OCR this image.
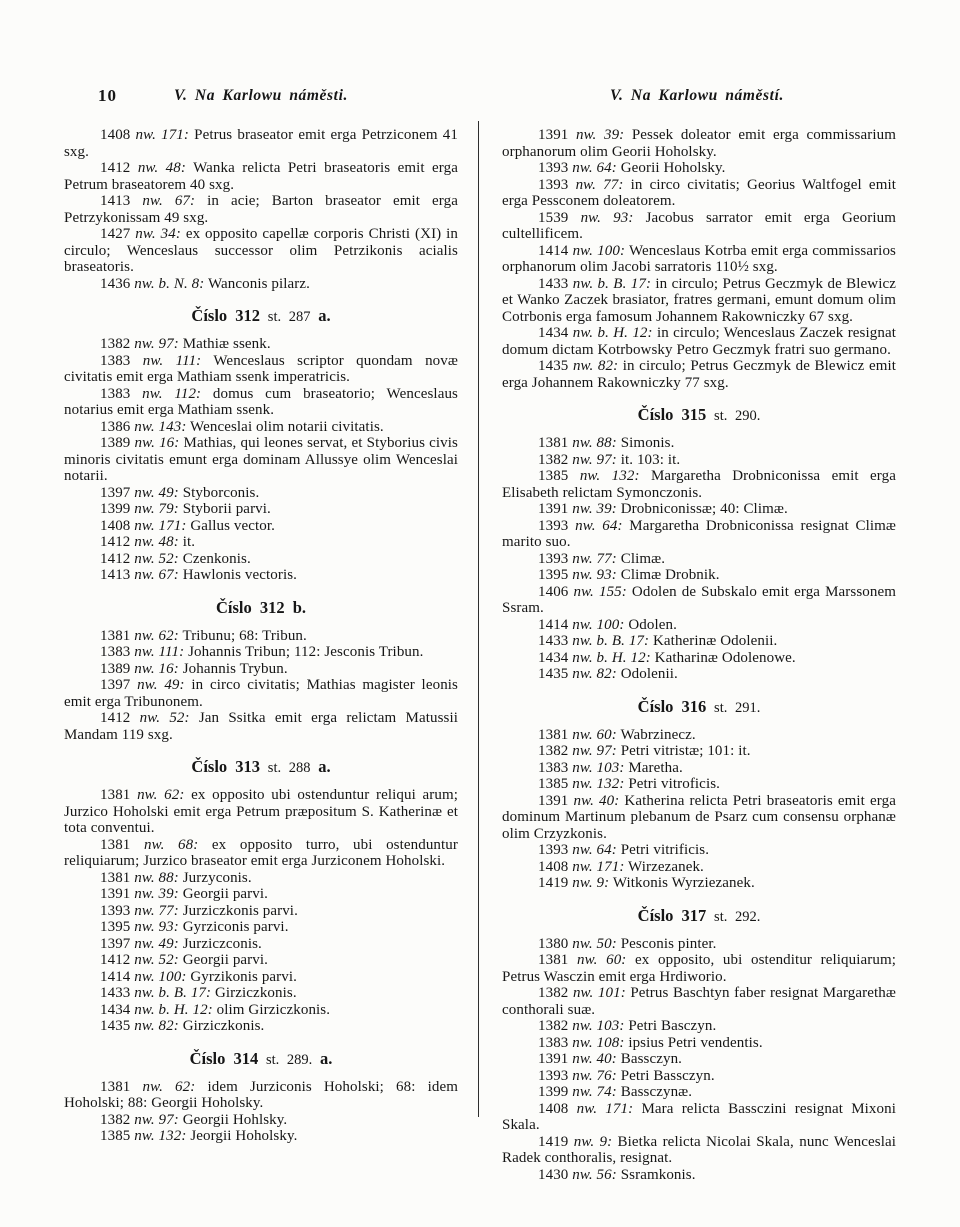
10	V. Na Karlowu náměsti.	V. Na Karlowu náměstí.

1408 nw. 171: Petrus braseator emit erga Petrziconem 41 sxg.

1412 nw. 48: Wanka relicta Petri braseatoris emit erga Petrum braseatorem 40 sxg.

1413 nw. 67: in acie; Barton braseator emit erga Petrzykonissam 49 sxg.

1427 nw. 34: ex opposito capellæ corporis Christi (XI) in circulo; Wenceslaus successor olim Petrzikonis acialis braseatoris.

1436 nw. b. N. 8: Wanconis pilarz.

Číslo 312 st. 287 a.

1382 nw. 97: Mathiæ ssenk.

1383 nw. 111: Wenceslaus scriptor quondam novæ civitatis emit erga Mathiam ssenk imperatricis.

1383 nw. 112: domus cum braseatorio; Wenceslaus notarius emit erga Mathiam ssenk.

1386 nw. 143: Wenceslai olim notarii civitatis.

1389 nw. 16: Mathias, qui leones servat, et Styborius civis minoris civitatis emunt erga dominam Allussye olim Wenceslai notarii.

1397 nw. 49: Styborconis.

1399 nw. 79: Styborii parvi.

1408 nw. 171: Gallus vector.

1412 nw. 48: it.

1412 nw. 52: Czenkonis.

1413 nw. 67: Hawlonis vectoris.

Číslo 312 b.

1381 nw. 62: Tribunu; 68: Tribun.

1383 nw. 111: Johannis Tribun; 112: Jesconis Tribun.

1389 nw. 16: Johannis Trybun.

1397 nw. 49: in circo civitatis; Mathias magister leonis emit erga Tribunonem.

1412 nw. 52: Jan Ssitka emit erga relictam Matussii Mandam 119 sxg.

Číslo 313 st. 288 a.

1381 nw. 62: ex opposito ubi ostenduntur reliqui arum; Jurzico Hoholski emit erga Petrum præpositum S. Katherinæ et tota conventui.

1381 nw. 68: ex opposito turro, ubi ostenduntur reliquiarum; Jurzico braseator emit erga Jurziconem Hoholski.

1381 nw. 88: Jurzyconis.

1391 nw. 39: Georgii parvi.

1393 nw. 77: Jurziczkonis parvi.

1395 nw. 93: Gyrziconis parvi.

1397 nw. 49: Jurziczconis.

1412 nw. 52: Georgii parvi.

1414 nw. 100: Gyrzikonis parvi.

1433 nw. b. B. 17: Girziczkonis.

1434 nw. b. H. 12: olim Girziczkonis.

1435 nw. 82: Girziczkonis.

Číslo 314 st. 289. a.

1381 nw. 62: idem Jurziconis Hoholski; 68: idem Hoholski; 88: Georgii Hoholsky.

1382 nw. 97: Georgii Hohlsky.

1385 nw. 132: Jeorgii Hoholsky.

1391 nw. 39: Pessek doleator emit erga commissarium orphanorum olim Georii Hoholsky.

1393 nw. 64: Georii Hoholsky.

1393 nw. 77: in circo civitatis; Georius Waltfogel emit erga Pessconem doleatorem.

1539 nw. 93: Jacobus sarrator emit erga Georium cultellificem.

1414 nw. 100: Wenceslaus Kotrba emit erga commissarios orphanorum olim Jacobi sarratoris 110½ sxg.

1433 nw. b. B. 17: in circulo; Petrus Geczmyk de Blewicz et Wanko Zaczek brasiator, fratres germani, emunt domum olim Cotrbonis erga famosum Johannem Rakowniczky 67 sxg.

1434 nw. b. H. 12: in circulo; Wenceslaus Zaczek resignat domum dictam Kotrbowsky Petro Geczmyk fratri suo germano.

1435 nw. 82: in circulo; Petrus Geczmyk de Blewicz emit erga Johannem Rakowniczky 77 sxg.

Číslo 315 st. 290.

1381 nw. 88: Simonis.

1382 nw. 97: it. 103: it.

1385 nw. 132: Margaretha Drobniconissa emit erga Elisabeth relictam Symonczonis.

1391 nw. 39: Drobniconissæ; 40: Climæ.

1393 nw. 64: Margaretha Drobniconissa resignat Climæ marito suo.

1393 nw. 77: Climæ.

1395 nw. 93: Climæ Drobnik.

1406 nw. 155: Odolen de Subskalo emit erga Marssonem Ssram.

1414 nw. 100: Odolen.

1433 nw. b. B. 17: Katherinæ Odolenii.

1434 nw. b. H. 12: Katharinæ Odolenowe.

1435 nw. 82: Odolenii.

Číslo 316 st. 291.

1381 nw. 60: Wabrzinecz.

1382 nw. 97: Petri vitristæ; 101: it.

1383 nw. 103: Maretha.

1385 nw. 132: Petri vitroficis.

1391 nw. 40: Katherina relicta Petri braseatoris emit erga dominum Martinum plebanum de Psarz cum consensu orphanæ olim Crzyzkonis.

1393 nw. 64: Petri vitrificis.

1408 nw. 171: Wirzezanek.

1419 nw. 9: Witkonis Wyrziezanek.

Číslo 317 st. 292.

1380 nw. 50: Pesconis pinter.

1381 nw. 60: ex opposito, ubi ostenditur reliquiarum; Petrus Wasczin emit erga Hrdiworio.

1382 nw. 101: Petrus Baschtyn faber resignat Margarethæ conthorali suæ.

1382 nw. 103: Petri Basczyn.

1383 nw. 108: ipsius Petri vendentis.

1391 nw. 40: Bassczyn.

1393 nw. 76: Petri Bassczyn.

1399 nw. 74: Bassczynæ.

1408 nw. 171: Mara relicta Bassczini resignat Mixoni Skala.

1419 nw. 9: Bietka relicta Nicolai Skala, nunc Wenceslai Radek conthoralis, resignat.

1430 nw. 56: Ssramkonis.
